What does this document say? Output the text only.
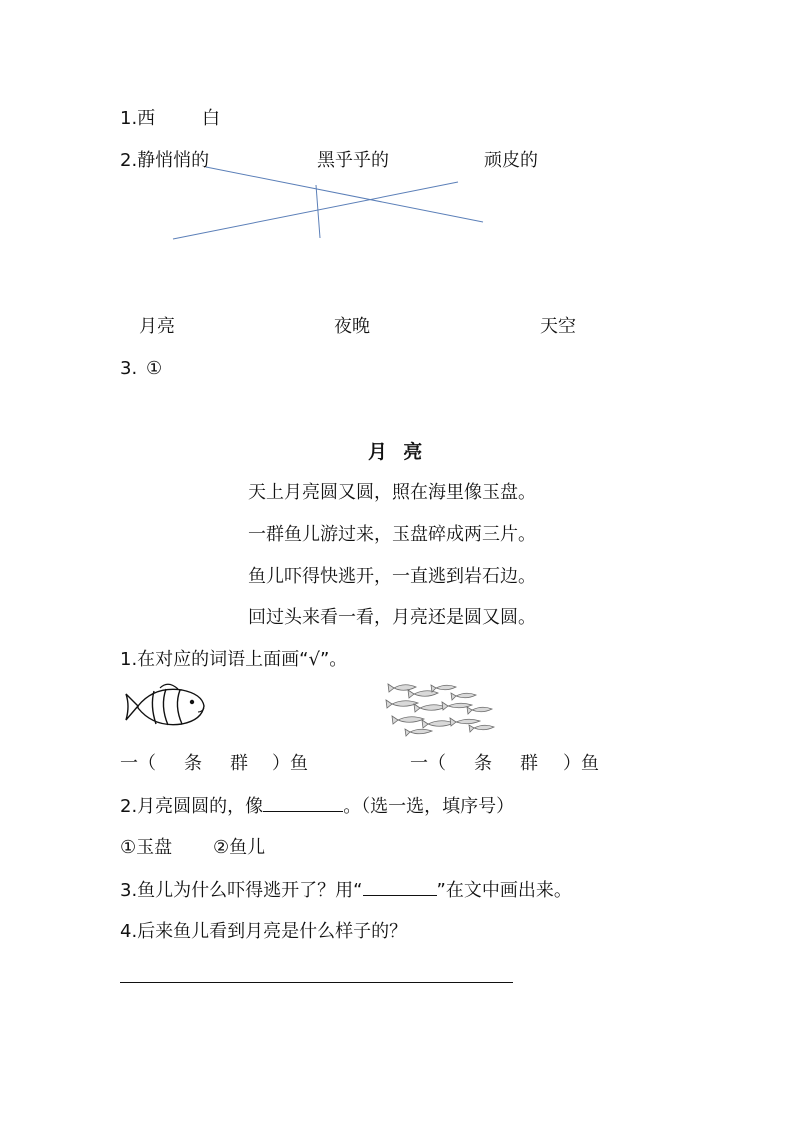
1.西	白
2.静悄悄的	黑乎乎的	顽皮的
月亮	夜晚	天空
3. ①
月  亮
天上月亮圆又圆，照在海里像玉盘。
一群鱼儿游过来，玉盘碎成两三片。
鱼儿吓得快逃开，一直逃到岩石边。
回过头来看一看，月亮还是圆又圆。
1.在对应的词语上面画“√”。
一（ 条 群 ）鱼	一（ 条 群 ）鱼
2.月亮圆圆的，像	。（选一选，填序号）
①玉盘 ②鱼儿
3.鱼儿为什么吓得逃开了？用“	”在文中画出来。
4.后来鱼儿看到月亮是什么样子的？
